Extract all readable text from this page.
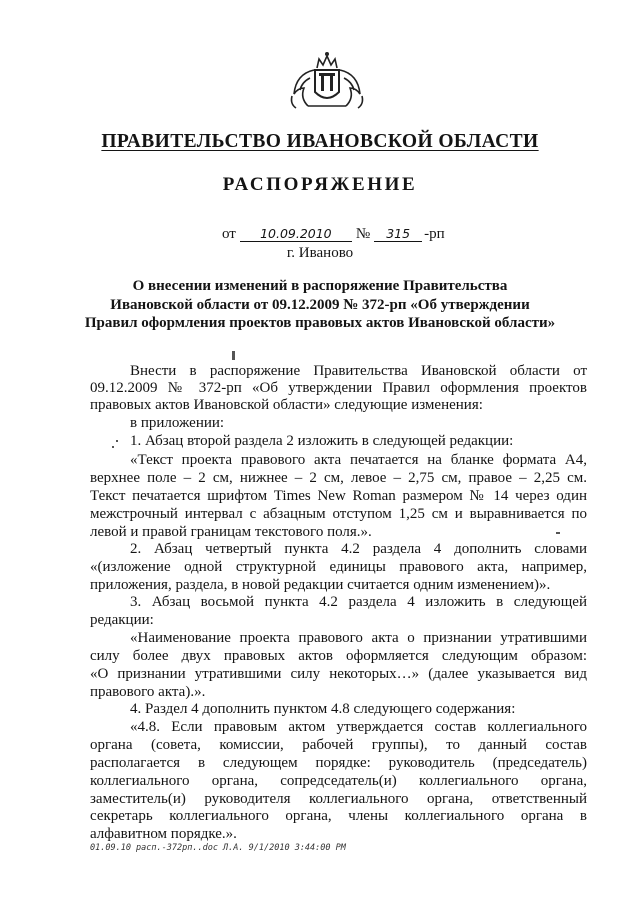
ПРАВИТЕЛЬСТВО ИВАНОВСКОЙ ОБЛАСТИ
РАСПОРЯЖЕНИЕ
от 10.09.2010 № 315 -рп
г. Иваново
О внесении изменений в распоряжение Правительства
Ивановской области от 09.12.2009 № 372-рп «Об утверждении
Правил оформления проектов правовых актов Ивановской области»
Внести в распоряжение Правительства Ивановской области от
09.12.2009 № 372-рп «Об утверждении Правил оформления проектов
правовых актов Ивановской области» следующие изменения:
в приложении:
1. Абзац второй раздела 2 изложить в следующей редакции:
«Текст проекта правового акта печатается на бланке формата А4,
верхнее поле – 2 см, нижнее – 2 см, левое – 2,75 см, правое – 2,25 см.
Текст печатается шрифтом Times New Roman размером № 14 через один
межстрочный интервал с абзацным отступом 1,25 см и выравнивается по
левой и правой границам текстового поля.».
2. Абзац четвертый пункта 4.2 раздела 4 дополнить словами
«(изложение одной структурной единицы правового акта, например,
приложения, раздела, в новой редакции считается одним изменением)».
3. Абзац восьмой пункта 4.2 раздела 4 изложить в следующей
редакции:
«Наименование проекта правового акта о признании утратившими
силу более двух правовых актов оформляется следующим образом:
«О признании утратившими силу некоторых…» (далее указывается вид
правового акта).».
4. Раздел 4 дополнить пунктом 4.8 следующего содержания:
«4.8. Если правовым актом утверждается состав коллегиального
органа (совета, комиссии, рабочей группы), то данный состав
располагается в следующем порядке: руководитель (председатель)
коллегиального органа, сопредседатель(и) коллегиального органа,
заместитель(и) руководителя коллегиального органа, ответственный
секретарь коллегиального органа, члены коллегиального органа в
алфавитном порядке.».
01.09.10 расп.-372рп..doc Л.А. 9/1/2010 3:44:00 PM
